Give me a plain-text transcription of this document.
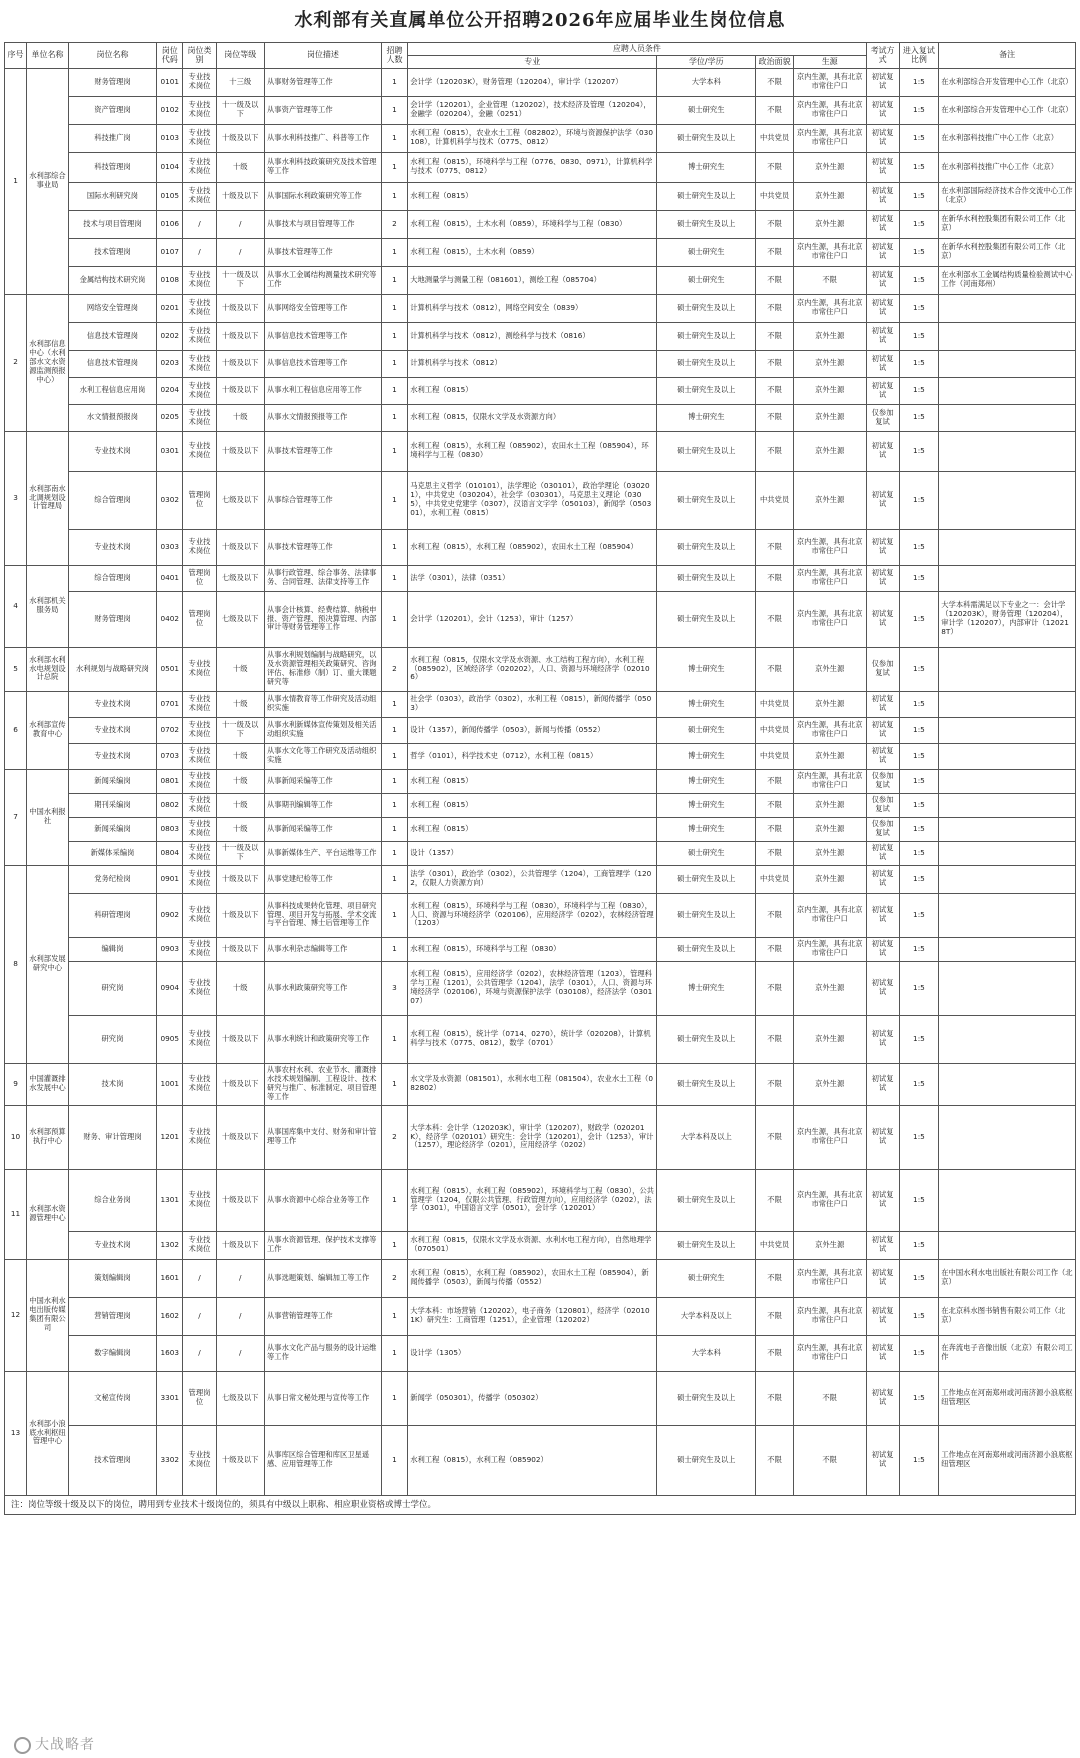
水利部有关直属单位公开招聘2026年应届毕业生岗位信息
序号	单位名称	岗位名称	岗位代码	岗位类别	岗位等级	岗位描述	招聘人数	应聘人员条件				考试方式	进入复试比例	备注
								专业	学位/学历	政治面貌	生源			
1	水利部综合事业局	财务管理岗	0101	专业技术岗位	十三级	从事财务管理等工作	1	会计学（120203K），财务管理（120204），审计学（120207）	大学本科	不限	京内生源，具有北京市常住户口	初试复试	1:5	在水利部综合开发管理中心工作（北京）
		资产管理岗	0102	专业技术岗位	十一级及以下	从事资产管理等工作	1	会计学（120201），企业管理（120202），技术经济及管理（120204），金融学（020204），金融（0251）	硕士研究生	不限	京内生源，具有北京市常住户口	初试复试	1:5	在水利部综合开发管理中心工作（北京）
		科技推广岗	0103	专业技术岗位	十级及以下	从事水利科技推广、科普等工作	1	水利工程（0815），农业水土工程（082802），环境与资源保护法学（030108），计算机科学与技术（0775、0812）	硕士研究生及以上	中共党员	京内生源，具有北京市常住户口	初试复试	1:5	在水利部科技推广中心工作（北京）
		科技管理岗	0104	专业技术岗位	十级	从事水利科技政策研究及技术管理等工作	1	水利工程（0815），环境科学与工程（0776、0830、0971），计算机科学与技术（0775、0812）	博士研究生	不限	京外生源	初试复试	1:5	在水利部科技推广中心工作（北京）
		国际水利研究岗	0105	专业技术岗位	十级及以下	从事国际水利政策研究等工作	1	水利工程（0815）	硕士研究生及以上	中共党员	京外生源	初试复试	1:5	在水利部国际经济技术合作交流中心工作（北京）
		技术与项目管理岗	0106	/	/	从事技术与项目管理等工作	2	水利工程（0815），土木水利（0859），环境科学与工程（0830）	硕士研究生及以上	不限	京外生源	初试复试	1:5	在新华水利控股集团有限公司工作（北京）
		技术管理岗	0107	/	/	从事技术管理等工作	1	水利工程（0815），土木水利（0859）	硕士研究生	不限	京内生源，具有北京市常住户口	初试复试	1:5	在新华水利控股集团有限公司工作（北京）
		金属结构技术研究岗	0108	专业技术岗位	十一级及以下	从事水工金属结构测量技术研究等工作	1	大地测量学与测量工程（081601），测绘工程（085704）	硕士研究生	不限	不限	初试复试	1:5	在水利部水工金属结构质量检验测试中心工作（河南郑州）
2	水利部信息中心（水利部水文水资源监测预报中心）	网络安全管理岗	0201	专业技术岗位	十级及以下	从事网络安全管理等工作	1	计算机科学与技术（0812），网络空间安全（0839）	硕士研究生及以上	不限	京内生源，具有北京市常住户口	初试复试	1:5	
		信息技术管理岗	0202	专业技术岗位	十级及以下	从事信息技术管理等工作	1	计算机科学与技术（0812），测绘科学与技术（0816）	硕士研究生及以上	不限	京外生源	初试复试	1:5	
		信息技术管理岗	0203	专业技术岗位	十级及以下	从事信息技术管理等工作	1	计算机科学与技术（0812）	硕士研究生及以上	不限	京外生源	初试复试	1:5	
		水利工程信息应用岗	0204	专业技术岗位	十级及以下	从事水利工程信息应用等工作	1	水利工程（0815）	硕士研究生及以上	不限	京外生源	初试复试	1:5	
		水文情报预报岗	0205	专业技术岗位	十级	从事水文情报预报等工作	1	水利工程（0815，仅限水文学及水资源方向）	博士研究生	不限	京外生源	仅参加复试	1:5	
3	水利部南水北调规划设计管理局	专业技术岗	0301	专业技术岗位	十级及以下	从事技术管理等工作	1	水利工程（0815），水利工程（085902），农田水土工程（085904），环境科学与工程（0830）	硕士研究生及以上	不限	京外生源	初试复试	1:5	
		综合管理岗	0302	管理岗位	七级及以下	从事综合管理等工作	1	马克思主义哲学（010101），法学理论（030101），政治学理论（030201），中共党史（030204），社会学（030301），马克思主义理论（0305），中共党史党建学（0307），汉语言文字学（050103），新闻学（050301），水利工程（0815）	硕士研究生及以上	中共党员	京外生源	初试复试	1:5	
		专业技术岗	0303	专业技术岗位	十级及以下	从事技术管理等工作	1	水利工程（0815），水利工程（085902），农田水土工程（085904）	硕士研究生及以上	不限	京内生源，具有北京市常住户口	初试复试	1:5	
4	水利部机关服务局	综合管理岗	0401	管理岗位	七级及以下	从事行政管理、综合事务、法律事务、合同管理、法律支持等工作	1	法学（0301），法律（0351）	硕士研究生及以上	不限	京内生源，具有北京市常住户口	初试复试	1:5	
		财务管理岗	0402	管理岗位	七级及以下	从事会计核算、经费结算、纳税申报、资产管理、预决算管理、内部审计等财务管理等工作	1	会计学（120201），会计（1253），审计（1257）	硕士研究生及以上	不限	京内生源，具有北京市常住户口	初试复试	1:5	大学本科需满足以下专业之一：会计学（120203K），财务管理（120204），审计学（120207），内部审计（120218T）
5	水利部水利水电规划设计总院	水利规划与战略研究岗	0501	专业技术岗位	十级	从事水利规划编制与战略研究，以及水资源管理相关政策研究、咨询评估、标准修（制）订、重大课题研究等	2	水利工程（0815，仅限水文学及水资源、水工结构工程方向），水利工程（085902），区域经济学（020202），人口、资源与环境经济学（020106）	博士研究生	不限	京外生源	仅参加复试	1:5	
6	水利部宣传教育中心	专业技术岗	0701	专业技术岗位	十级	从事水情教育等工作研究及活动组织实施	1	社会学（0303），政治学（0302），水利工程（0815），新闻传播学（0503）	博士研究生	中共党员	京外生源	初试复试	1:5	
		专业技术岗	0702	专业技术岗位	十一级及以下	从事水利新媒体宣传策划及相关活动组织实施	1	设计（1357），新闻传播学（0503），新闻与传播（0552）	硕士研究生	中共党员	京内生源，具有北京市常住户口	初试复试	1:5	
		专业技术岗	0703	专业技术岗位	十级	从事水文化等工作研究及活动组织实施	1	哲学（0101），科学技术史（0712），水利工程（0815）	博士研究生	中共党员	京外生源	初试复试	1:5	
7	中国水利报社	新闻采编岗	0801	专业技术岗位	十级	从事新闻采编等工作	1	水利工程（0815）	博士研究生	不限	京内生源，具有北京市常住户口	仅参加复试	1:5	
		期刊采编岗	0802	专业技术岗位	十级	从事期刊编辑等工作	1	水利工程（0815）	博士研究生	不限	京外生源	仅参加复试	1:5	
		新闻采编岗	0803	专业技术岗位	十级	从事新闻采编等工作	1	水利工程（0815）	博士研究生	不限	京外生源	仅参加复试	1:5	
		新媒体采编岗	0804	专业技术岗位	十一级及以下	从事新媒体生产、平台运维等工作	1	设计（1357）	硕士研究生	不限	京外生源	初试复试	1:5	
8	水利部发展研究中心	党务纪检岗	0901	专业技术岗位	十级及以下	从事党建纪检等工作	1	法学（0301），政治学（0302），公共管理学（1204），工商管理学（1202，仅限人力资源方向）	硕士研究生及以上	中共党员	京外生源	初试复试	1:5	
		科研管理岗	0902	专业技术岗位	十级及以下	从事科技成果转化管理、项目研究管理、项目开发与拓展、学术交流与平台管理、博士后管理等工作	1	水利工程（0815），环境科学与工程（0830），环境科学与工程（0830），人口、资源与环境经济学（020106），应用经济学（0202），农林经济管理（1203）	硕士研究生及以上	不限	京内生源，具有北京市常住户口	初试复试	1:5	
		编辑岗	0903	专业技术岗位	十级及以下	从事水利杂志编辑等工作	1	水利工程（0815），环境科学与工程（0830）	硕士研究生及以上	不限	京内生源，具有北京市常住户口	初试复试	1:5	
		研究岗	0904	专业技术岗位	十级	从事水利政策研究等工作	3	水利工程（0815），应用经济学（0202），农林经济管理（1203），管理科学与工程（1201），公共管理学（1204），法学（0301），人口、资源与环境经济学（020106），环境与资源保护法学（030108），经济法学（030107）	博士研究生	不限	京外生源	初试复试	1:5	
		研究岗	0905	专业技术岗位	十级及以下	从事水利统计和政策研究等工作	1	水利工程（0815），统计学（0714、0270），统计学（020208），计算机科学与技术（0775、0812），数学（0701）	硕士研究生及以上	不限	京外生源	初试复试	1:5	
9	中国灌溉排水发展中心	技术岗	1001	专业技术岗位	十级及以下	从事农村水利、农业节水、灌溉排水技术规划编制、工程设计、技术研究与推广、标准制定、项目管理等工作	1	水文学及水资源（081501），水利水电工程（081504），农业水土工程（082802）	硕士研究生及以上	不限	京外生源	初试复试	1:5	
10	水利部预算执行中心	财务、审计管理岗	1201	专业技术岗位	十级及以下	从事国库集中支付、财务和审计管理等工作	2	大学本科：会计学（120203K），审计学（120207），财政学（020201K），经济学（020101）研究生：会计学（120201），会计（1253），审计（1257），理论经济学（0201），应用经济学（0202）	大学本科及以上	不限	京内生源，具有北京市常住户口	初试复试	1:5	
11	水利部水资源管理中心	综合业务岗	1301	专业技术岗位	十级及以下	从事水资源中心综合业务等工作	1	水利工程（0815），水利工程（085902），环境科学与工程（0830），公共管理学（1204，仅限公共管理、行政管理方向），应用经济学（0202），法学（0301），中国语言文学（0501），会计学（120201）	硕士研究生及以上	不限	京内生源，具有北京市常住户口	初试复试	1:5	
		专业技术岗	1302	专业技术岗位	十级及以下	从事水资源管理、保护技术支撑等工作	1	水利工程（0815，仅限水文学及水资源、水利水电工程方向），自然地理学（070501）	硕士研究生及以上	中共党员	京外生源	初试复试	1:5	
12	中国水利水电出版传媒集团有限公司	策划编辑岗	1601	/	/	从事选题策划、编辑加工等工作	2	水利工程（0815），水利工程（085902），农田水土工程（085904），新闻传播学（0503），新闻与传播（0552）	硕士研究生	不限	京内生源，具有北京市常住户口	初试复试	1:5	在中国水利水电出版社有限公司工作（北京）
		营销管理岗	1602	/	/	从事营销管理等工作	1	大学本科：市场营销（120202），电子商务（120801），经济学（020101K）研究生：工商管理（1251），企业管理（120202）	大学本科及以上	不限	京内生源，具有北京市常住户口	初试复试	1:5	在北京科水图书销售有限公司工作（北京）
		数字编辑岗	1603	/	/	从事水文化产品与服务的设计运维等工作	1	设计学（1305）	大学本科	不限	京内生源，具有北京市常住户口	初试复试	1:5	在奔流电子音像出版（北京）有限公司工作
13	水利部小浪底水利枢纽管理中心	文秘宣传岗	3301	管理岗位	七级及以下	从事日常文秘处理与宣传等工作	1	新闻学（050301），传播学（050302）	硕士研究生及以上	不限	不限	初试复试	1:5	工作地点在河南郑州或河南济源小浪底枢纽管理区
		技术管理岗	3302	专业技术岗位	十级及以下	从事库区综合管理和库区卫星遥感、应用管理等工作	1	水利工程（0815），水利工程（085902）	硕士研究生及以上	不限	不限	初试复试	1:5	工作地点在河南郑州或河南济源小浪底枢纽管理区
注：岗位等级十级及以下的岗位，聘用到专业技术十级岗位的，须具有中级以上职称、相应职业资格或博士学位。														
大战略者
